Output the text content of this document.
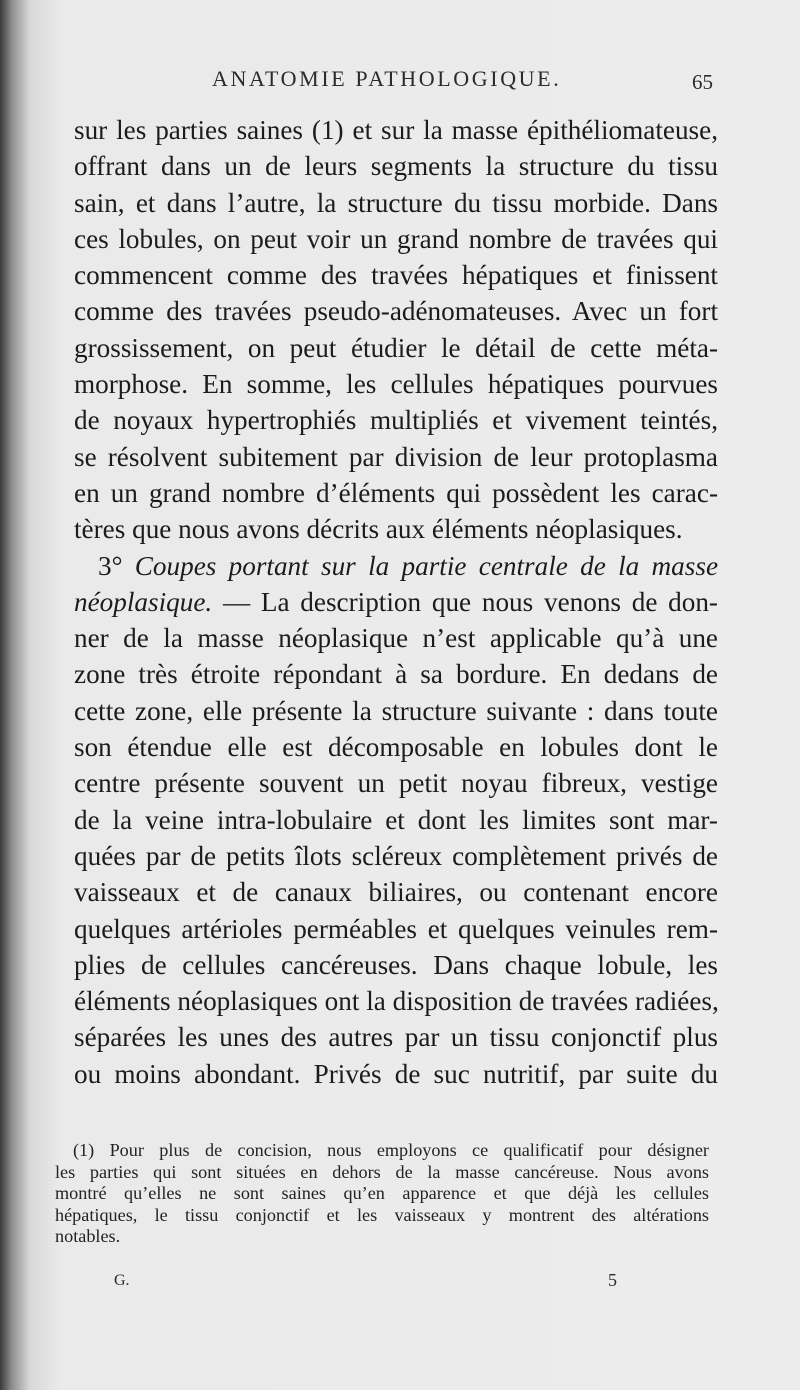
ANATOMIE PATHOLOGIQUE.	65
sur les parties saines (1) et sur la masse épithéliomateuse,
offrant dans un de leurs segments la structure du tissu
sain, et dans l’autre, la structure du tissu morbide. Dans
ces lobules, on peut voir un grand nombre de travées qui
commencent comme des travées hépatiques et finissent
comme des travées pseudo-adénomateuses. Avec un fort
grossissement, on peut étudier le détail de cette méta-
morphose. En somme, les cellules hépatiques pourvues
de noyaux hypertrophiés multipliés et vivement teintés,
se résolvent subitement par division de leur protoplasma
en un grand nombre d’éléments qui possèdent les carac-
tères que nous avons décrits aux éléments néoplasiques.
3° Coupes portant sur la partie centrale de la masse
néoplasique. — La description que nous venons de don-
ner de la masse néoplasique n’est applicable qu’à une
zone très étroite répondant à sa bordure. En dedans de
cette zone, elle présente la structure suivante : dans toute
son étendue elle est décomposable en lobules dont le
centre présente souvent un petit noyau fibreux, vestige
de la veine intra-lobulaire et dont les limites sont mar-
quées par de petits îlots scléreux complètement privés de
vaisseaux et de canaux biliaires, ou contenant encore
quelques artérioles perméables et quelques veinules rem-
plies de cellules cancéreuses. Dans chaque lobule, les
éléments néoplasiques ont la disposition de travées radiées,
séparées les unes des autres par un tissu conjonctif plus
ou moins abondant. Privés de suc nutritif, par suite du
(1) Pour plus de concision, nous employons ce qualificatif pour désigner
les parties qui sont situées en dehors de la masse cancéreuse. Nous avons
montré qu’elles ne sont saines qu’en apparence et que déjà les cellules
hépatiques, le tissu conjonctif et les vaisseaux y montrent des altérations
notables.
G.	5
